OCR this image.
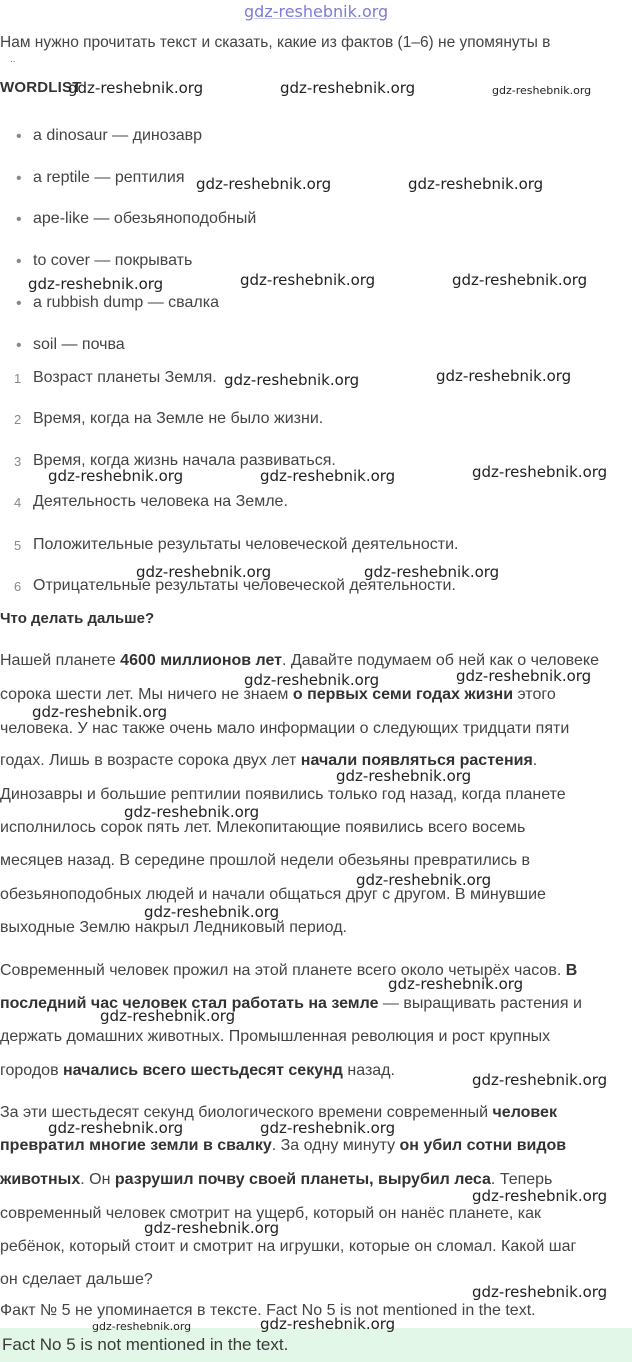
gdz-reshebnik.org
Нам нужно прочитать текст и сказать, какие из фактов (1–6) не упомянуты в
..
WORDLIST
• a dinosaur — динозавр
• a reptile — рептилия
• ape-like — обезьяноподобный
• to cover — покрывать
• a rubbish dump — свалка
• soil — почва
1 Возраст планеты Земля.
2 Время, когда на Земле не было жизни.
3 Время, когда жизнь начала развиваться.
4 Деятельность человека на Земле.
5 Положительные результаты человеческой деятельности.
6 Отрицательные результаты человеческой деятельности.
Что делать дальше?
Нашей планете 4600 миллионов лет. Давайте подумаем об ней как о человеке
сорока шести лет. Мы ничего не знаем о первых семи годах жизни этого
человека. У нас также очень мало информации о следующих тридцати пяти
годах. Лишь в возрасте сорока двух лет начали появляться растения.
Динозавры и большие рептилии появились только год назад, когда планете
исполнилось сорок пять лет. Млекопитающие появились всего восемь
месяцев назад. В середине прошлой недели обезьяны превратились в
обезьяноподобных людей и начали общаться друг с другом. В минувшие
выходные Землю накрыл Ледниковый период.
Современный человек прожил на этой планете всего около четырёх часов. В
последний час человек стал работать на земле — выращивать растения и
держать домашних животных. Промышленная революция и рост крупных
городов начались всего шестьдесят секунд назад.
За эти шестьдесят секунд биологического времени современный человек
превратил многие земли в свалку. За одну минуту он убил сотни видов
животных. Он разрушил почву своей планеты, вырубил леса. Теперь
современный человек смотрит на ущерб, который он нанёс планете, как
ребёнок, который стоит и смотрит на игрушки, которые он сломал. Какой шаг
он сделает дальше?
Факт № 5 не упоминается в тексте. Fact No 5 is not mentioned in the text.
Fact No 5 is not mentioned in the text.
gdz-reshebnik.org	gdz-reshebnik.org	gdz-reshebnik.org
gdz-reshebnik.org	gdz-reshebnik.org
gdz-reshebnik.org	gdz-reshebnik.org	gdz-reshebnik.org
gdz-reshebnik.org	gdz-reshebnik.org
gdz-reshebnik.org	gdz-reshebnik.org	gdz-reshebnik.org
gdz-reshebnik.org	gdz-reshebnik.org
gdz-reshebnik.org
gdz-reshebnik.org
gdz-reshebnik.org
gdz-reshebnik.org
gdz-reshebnik.org
gdz-reshebnik.org
gdz-reshebnik.org
gdz-reshebnik.org
gdz-reshebnik.org
gdz-reshebnik.org
gdz-reshebnik.org	gdz-reshebnik.org
gdz-reshebnik.org
gdz-reshebnik.org
gdz-reshebnik.org
gdz-reshebnik.org	gdz-reshebnik.org
